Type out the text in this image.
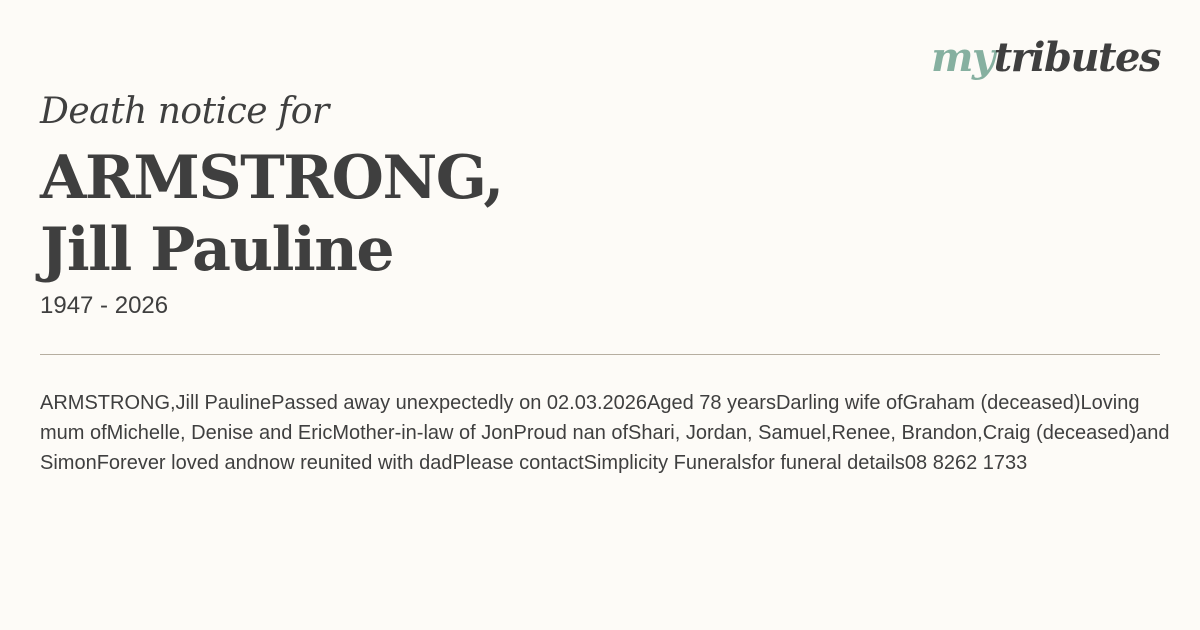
mytributes
Death notice for
ARMSTRONG,
Jill Pauline
1947 - 2026
ARMSTRONG,Jill PaulinePassed away unexpectedly on 02.03.2026Aged 78 yearsDarling wife ofGraham (deceased)Loving mum ofMichelle, Denise and EricMother-in-law of JonProud nan ofShari, Jordan, Samuel,Renee, Brandon,Craig (deceased)and SimonForever loved andnow reunited with dadPlease contactSimplicity Funeralsfor funeral details08 8262 1733
